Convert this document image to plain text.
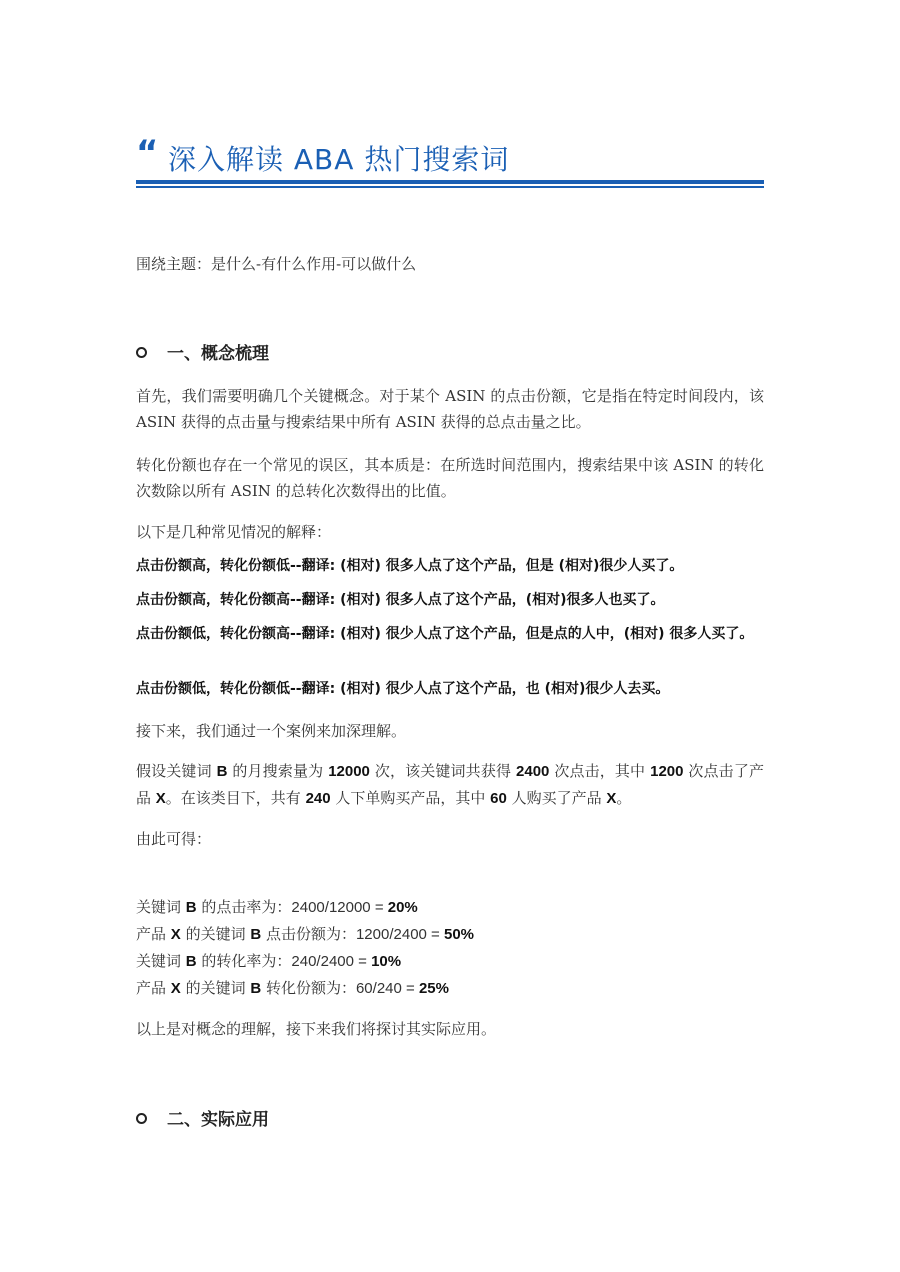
“ 深入解读 ABA 热门搜索词
围绕主题：是什么-有什么作用-可以做什么
一、概念梳理
首先，我们需要明确几个关键概念。对于某个 ASIN 的点击份额，它是指在特定时间段内，该 ASIN 获得的点击量与搜索结果中所有 ASIN 获得的总点击量之比。
转化份额也存在一个常见的误区，其本质是：在所选时间范围内，搜索结果中该 ASIN 的转化次数除以所有 ASIN 的总转化次数得出的比值。
以下是几种常见情况的解释：
点击份额高，转化份额低--翻译: (相对) 很多人点了这个产品，但是 (相对)很少人买了。
点击份额高，转化份额高--翻译: (相对) 很多人点了这个产品，(相对)很多人也买了。
点击份额低，转化份额高--翻译: (相对) 很少人点了这个产品，但是点的人中，(相对) 很多人买了。
点击份额低，转化份额低--翻译: (相对) 很少人点了这个产品，也 (相对)很少人去买。
接下来，我们通过一个案例来加深理解。
假设关键词 B 的月搜索量为 12000 次，该关键词共获得 2400 次点击，其中 1200 次点击了产品 X。在该类目下，共有 240 人下单购买产品，其中 60 人购买了产品 X。
由此可得：
关键词 B 的点击率为：2400/12000 = 20%
产品 X 的关键词 B 点击份额为：1200/2400 = 50%
关键词 B 的转化率为：240/2400 = 10%
产品 X 的关键词 B 转化份额为：60/240 = 25%
以上是对概念的理解，接下来我们将探讨其实际应用。
二、实际应用
